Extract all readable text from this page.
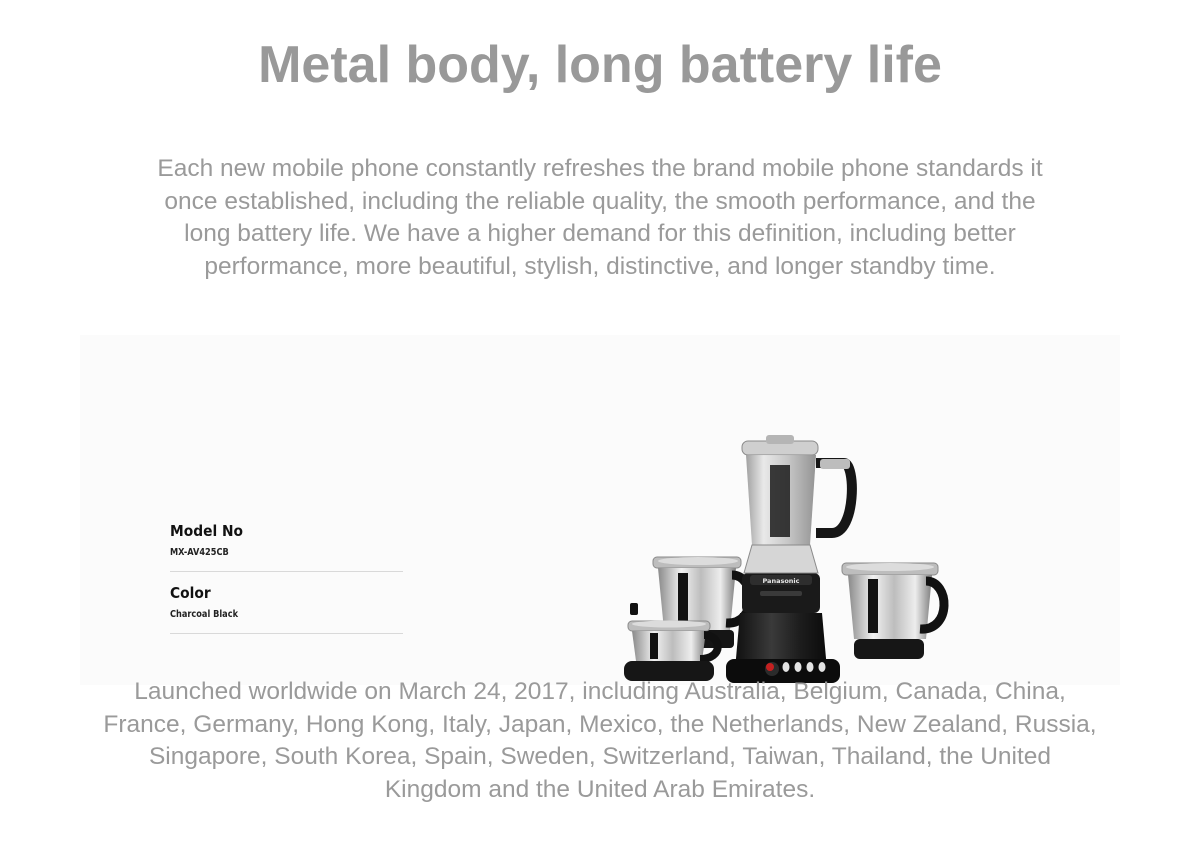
Metal body, long battery life

Each new mobile phone constantly refreshes the brand mobile phone standards it once established, including the reliable quality, the smooth performance, and the long battery life. We have a higher demand for this definition, including better performance, more beautiful, stylish, distinctive, and longer standby time.

Model No
MX-AV425CB
Color
Charcoal Black
Panasonic

Launched worldwide on March 24, 2017, including Australia, Belgium, Canada, China, France, Germany, Hong Kong, Italy, Japan, Mexico, the Netherlands, New Zealand, Russia, Singapore, South Korea, Spain, Sweden, Switzerland, Taiwan, Thailand, the United Kingdom and the United Arab Emirates.
